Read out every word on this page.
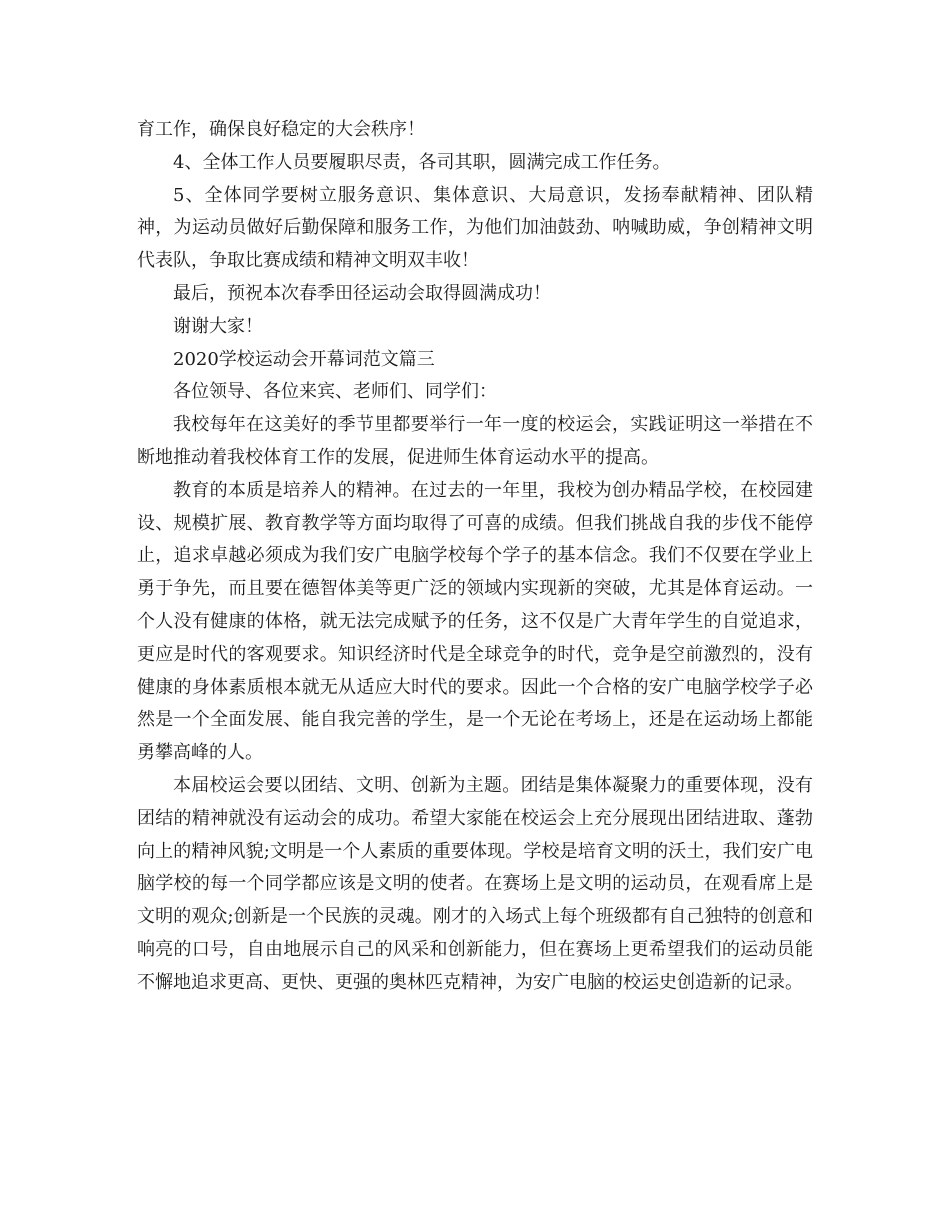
育工作，确保良好稳定的大会秩序！

4、全体工作人员要履职尽责，各司其职，圆满完成工作任务。

5、全体同学要树立服务意识、集体意识、大局意识，发扬奉献精神、团队精神，为运动员做好后勤保障和服务工作，为他们加油鼓劲、呐喊助威，争创精神文明代表队，争取比赛成绩和精神文明双丰收！

最后，预祝本次春季田径运动会取得圆满成功！

谢谢大家！

2020学校运动会开幕词范文篇三

各位领导、各位来宾、老师们、同学们：

我校每年在这美好的季节里都要举行一年一度的校运会，实践证明这一举措在不断地推动着我校体育工作的发展，促进师生体育运动水平的提高。

教育的本质是培养人的精神。在过去的一年里，我校为创办精品学校，在校园建设、规模扩展、教育教学等方面均取得了可喜的成绩。但我们挑战自我的步伐不能停止，追求卓越必须成为我们安广电脑学校每个学子的基本信念。我们不仅要在学业上勇于争先，而且要在德智体美等更广泛的领域内实现新的突破，尤其是体育运动。一个人没有健康的体格，就无法完成赋予的任务，这不仅是广大青年学生的自觉追求，更应是时代的客观要求。知识经济时代是全球竞争的时代，竞争是空前激烈的，没有健康的身体素质根本就无从适应大时代的要求。因此一个合格的安广电脑学校学子必然是一个全面发展、能自我完善的学生，是一个无论在考场上，还是在运动场上都能勇攀高峰的人。

本届校运会要以团结、文明、创新为主题。团结是集体凝聚力的重要体现，没有团结的精神就没有运动会的成功。希望大家能在校运会上充分展现出团结进取、蓬勃向上的精神风貌;文明是一个人素质的重要体现。学校是培育文明的沃土，我们安广电脑学校的每一个同学都应该是文明的使者。在赛场上是文明的运动员，在观看席上是文明的观众;创新是一个民族的灵魂。刚才的入场式上每个班级都有自己独特的创意和响亮的口号，自由地展示自己的风采和创新能力，但在赛场上更希望我们的运动员能不懈地追求更高、更快、更强的奥林匹克精神，为安广电脑的校运史创造新的记录。
